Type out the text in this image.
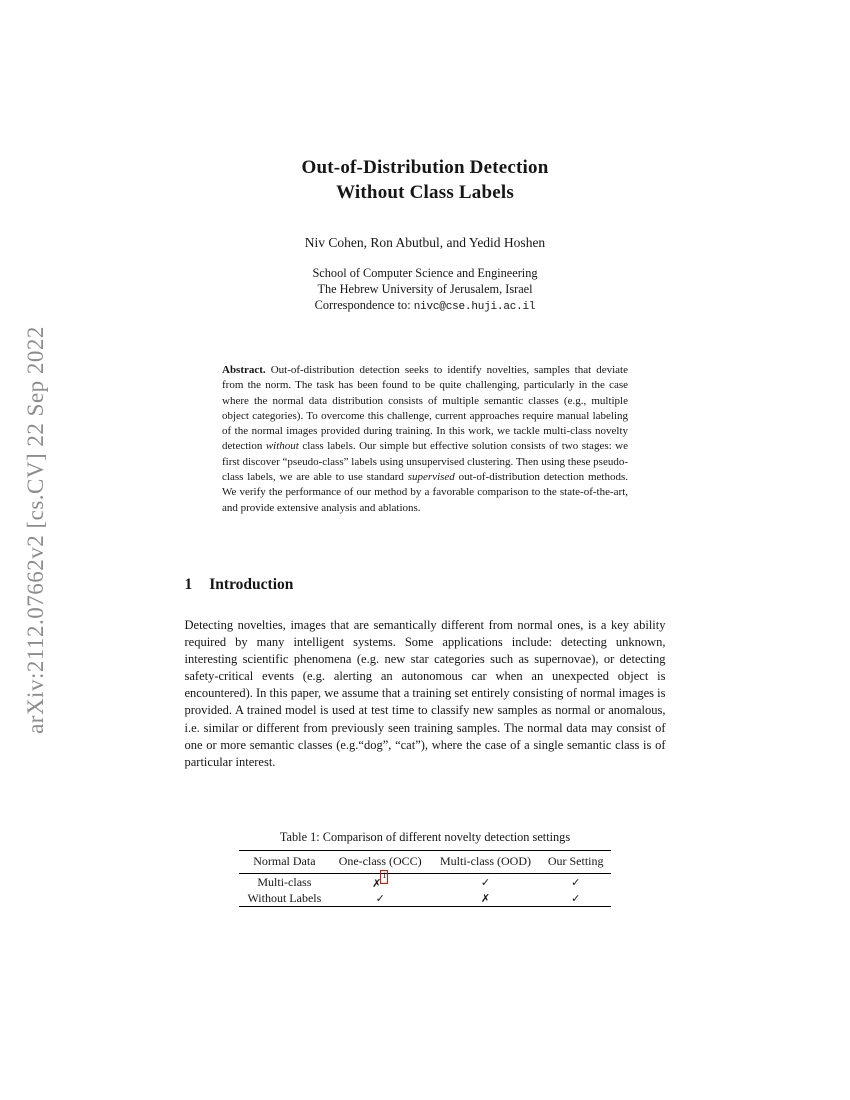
arXiv:2112.07662v2 [cs.CV] 22 Sep 2022
Out-of-Distribution Detection
Without Class Labels
Niv Cohen, Ron Abutbul, and Yedid Hoshen
School of Computer Science and Engineering
The Hebrew University of Jerusalem, Israel
Correspondence to: nivc@cse.huji.ac.il
Abstract. Out-of-distribution detection seeks to identify novelties, samples that deviate from the norm. The task has been found to be quite challenging, particularly in the case where the normal data distribution consists of multiple semantic classes (e.g., multiple object categories). To overcome this challenge, current approaches require manual labeling of the normal images provided during training. In this work, we tackle multi-class novelty detection without class labels. Our simple but effective solution consists of two stages: we first discover “pseudo-class” labels using unsupervised clustering. Then using these pseudo-class labels, we are able to use standard supervised out-of-distribution detection methods. We verify the performance of our method by a favorable comparison to the state-of-the-art, and provide extensive analysis and ablations.
1 Introduction
Detecting novelties, images that are semantically different from normal ones, is a key ability required by many intelligent systems. Some applications include: detecting unknown, interesting scientific phenomena (e.g. new star categories such as supernovae), or detecting safety-critical events (e.g. alerting an autonomous car when an unexpected object is encountered). In this paper, we assume that a training set entirely consisting of normal images is provided. A trained model is used at test time to classify new samples as normal or anomalous, i.e. similar or different from previously seen training samples. The normal data may consist of one or more semantic classes (e.g.“dog”, “cat”), where the case of a single semantic class is of particular interest.
Table 1: Comparison of different novelty detection settings
Normal Data	One-class (OCC)	Multi-class (OOD)	Our Setting
Multi-class	✗$^1$	✓	✓
Without Labels	✓	✗	✓
